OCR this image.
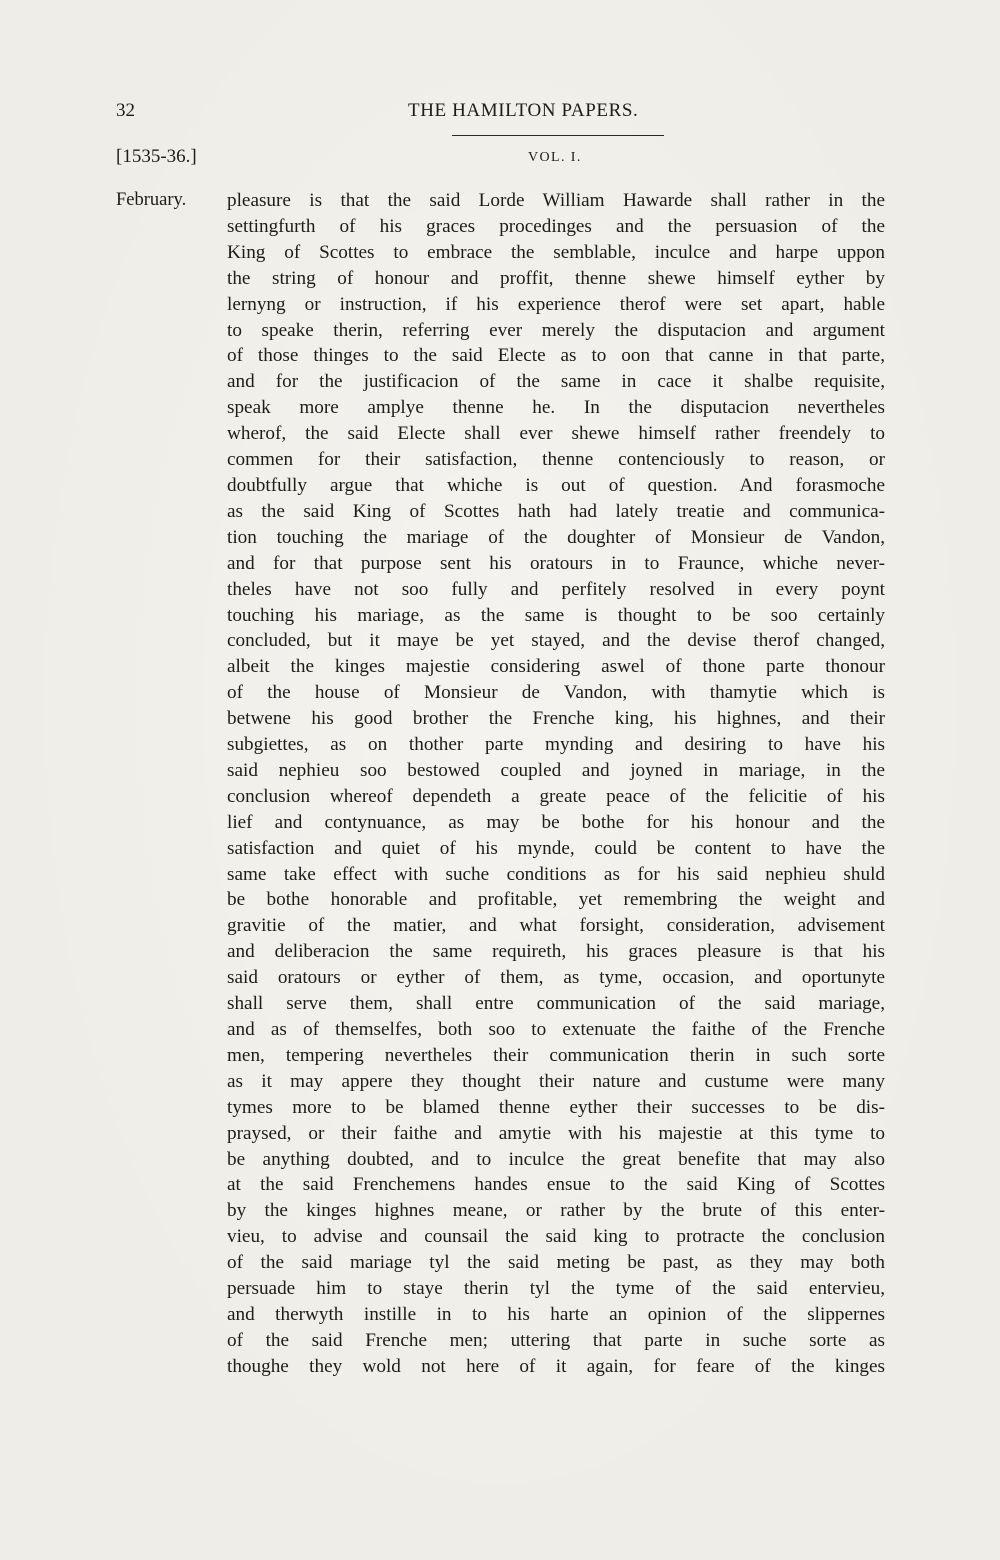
32	THE HAMILTON PAPERS.
[1535-36.]	VOL. I.
February. pleasure is that the said Lorde William Hawarde shall rather in the
settingfurth of his graces procedinges and the persuasion of the
King of Scottes to embrace the semblable, inculce and harpe uppon
the string of honour and proffit, thenne shewe himself eyther by
lernyng or instruction, if his experience therof were set apart, hable
to speake therin, referring ever merely the disputacion and argument
of those thinges to the said Electe as to oon that canne in that parte,
and for the justificacion of the same in cace it shalbe requisite,
speak more amplye thenne he. In the disputacion nevertheles
wherof, the said Electe shall ever shewe himself rather freendely to
commen for their satisfaction, thenne contenciously to reason, or
doubtfully argue that whiche is out of question. And forasmoche
as the said King of Scottes hath had lately treatie and communica-
tion touching the mariage of the doughter of Monsieur de Vandon,
and for that purpose sent his oratours in to Fraunce, whiche never-
theles have not soo fully and perfitely resolved in every poynt
touching his mariage, as the same is thought to be soo certainly
concluded, but it maye be yet stayed, and the devise therof changed,
albeit the kinges majestie considering aswel of thone parte thonour
of the house of Monsieur de Vandon, with thamytie which is
betwene his good brother the Frenche king, his highnes, and their
subgiettes, as on thother parte mynding and desiring to have his
said nephieu soo bestowed coupled and joyned in mariage, in the
conclusion whereof dependeth a greate peace of the felicitie of his
lief and contynuance, as may be bothe for his honour and the
satisfaction and quiet of his mynde, could be content to have the
same take effect with suche conditions as for his said nephieu shuld
be bothe honorable and profitable, yet remembring the weight and
gravitie of the matier, and what forsight, consideration, advisement
and deliberacion the same requireth, his graces pleasure is that his
said oratours or eyther of them, as tyme, occasion, and oportunyte
shall serve them, shall entre communication of the said mariage,
and as of themselfes, both soo to extenuate the faithe of the Frenche
men, tempering nevertheles their communication therin in such sorte
as it may appere they thought their nature and custume were many
tymes more to be blamed thenne eyther their successes to be dis-
praysed, or their faithe and amytie with his majestie at this tyme to
be anything doubted, and to inculce the great benefite that may also
at the said Frenchemens handes ensue to the said King of Scottes
by the kinges highnes meane, or rather by the brute of this enter-
vieu, to advise and counsail the said king to protracte the conclusion
of the said mariage tyl the said meting be past, as they may both
persuade him to staye therin tyl the tyme of the said entervieu,
and therwyth instille in to his harte an opinion of the slippernes
of the said Frenche men; uttering that parte in suche sorte as
thoughe they wold not here of it again, for feare of the kinges
